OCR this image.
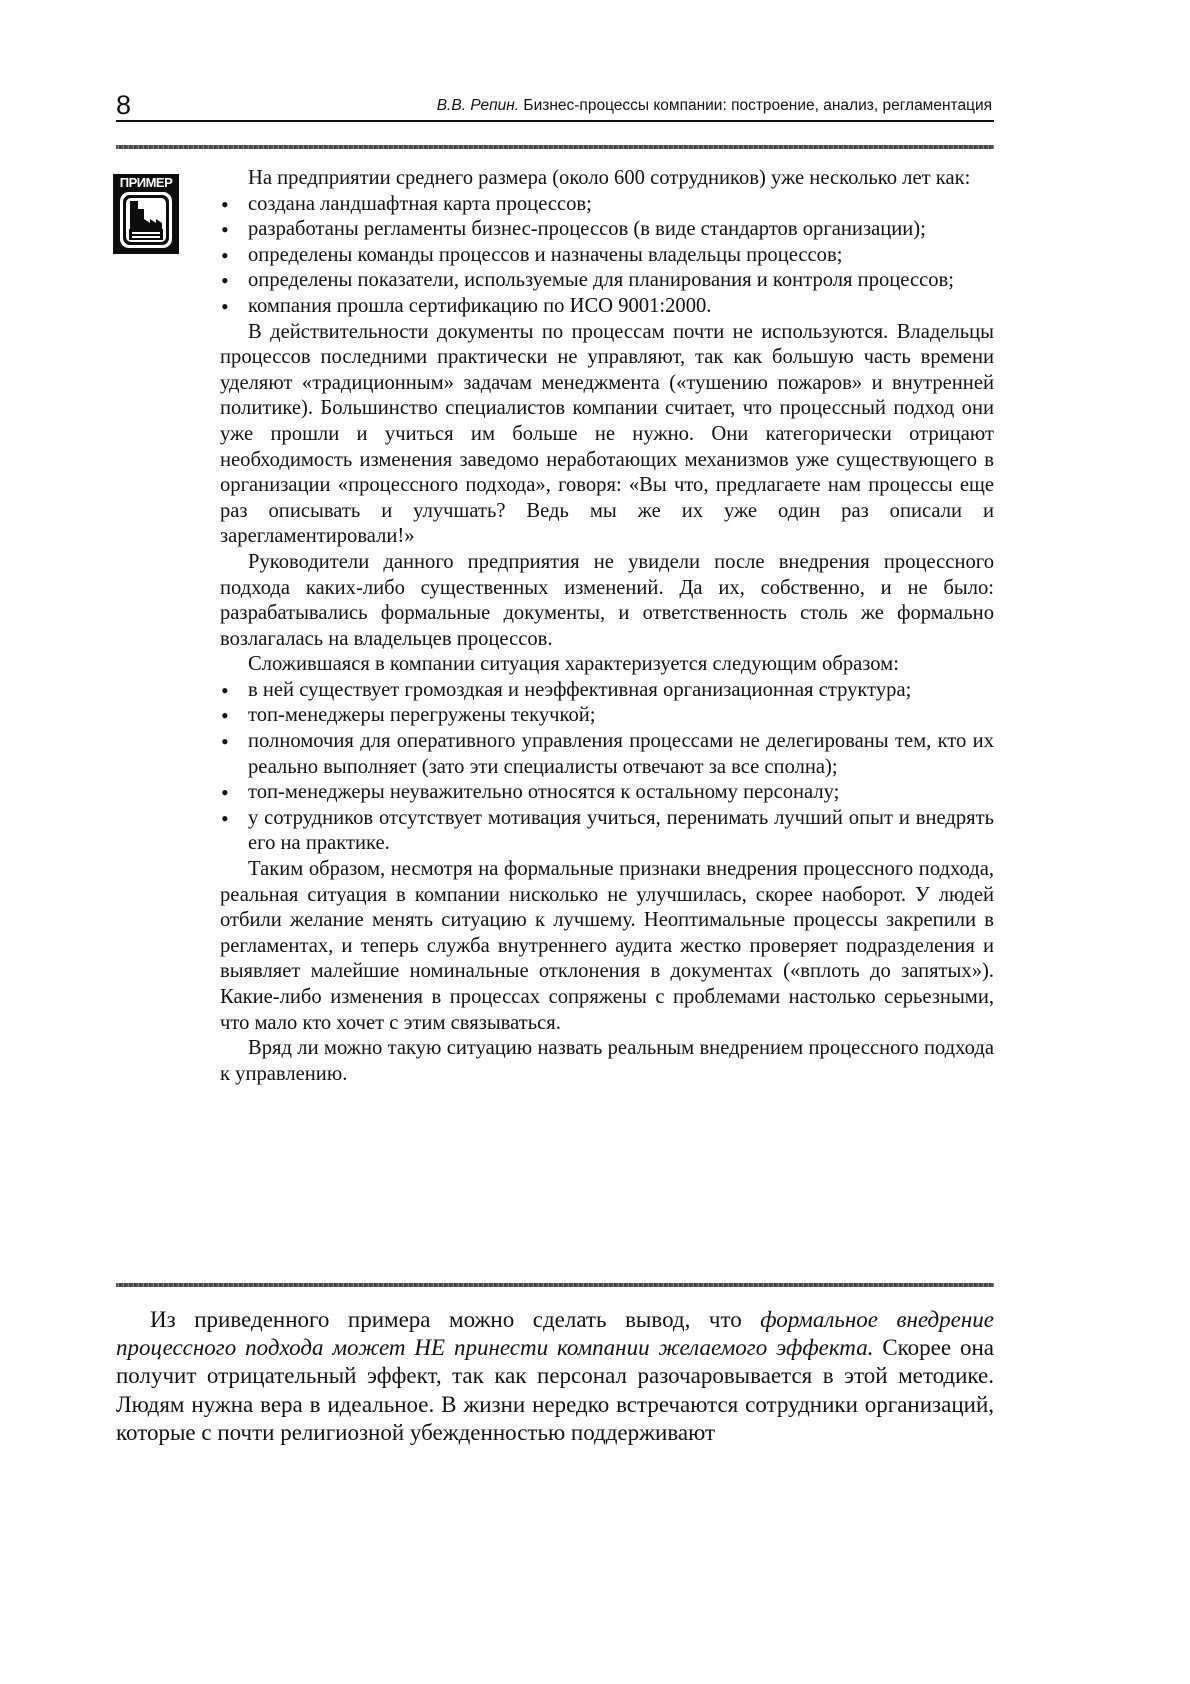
8	В.В. Репин. Бизнес-процессы компании: построение, анализ, регламентация
ПРИМЕР	На предприятии среднего размера (около 600 сотрудников) уже несколько лет как:

• создана ландшафтная карта процессов;
• разработаны регламенты бизнес-процессов (в виде стандартов организации);
• определены команды процессов и назначены владельцы процессов;
• определены показатели, используемые для планирования и контроля процессов;
• компания прошла сертификацию по ИСО 9001:2000.

В действительности документы по процессам почти не используются. Владельцы процессов последними практически не управляют, так как большую часть времени уделяют «традиционным» задачам менеджмента («тушению пожаров» и внутренней политике). Большинство специалистов компании считает, что процессный подход они уже прошли и учиться им больше не нужно. Они категорически отрицают необходимость изменения заведомо неработающих механизмов уже существующего в организации «процессного подхода», говоря: «Вы что, предлагаете нам процессы еще раз описывать и улучшать? Ведь мы же их уже один раз описали и зарегламентировали!»

Руководители данного предприятия не увидели после внедрения процессного подхода каких-либо существенных изменений. Да их, собственно, и не было: разрабатывались формальные документы, и ответственность столь же формально возлагалась на владельцев процессов.

Сложившаяся в компании ситуация характеризуется следующим образом:

• в ней существует громоздкая и неэффективная организационная структура;
• топ-менеджеры перегружены текучкой;
• полномочия для оперативного управления процессами не делегированы тем, кто их реально выполняет (зато эти специалисты отвечают за все сполна);
• топ-менеджеры неуважительно относятся к остальному персоналу;
• у сотрудников отсутствует мотивация учиться, перенимать лучший опыт и внедрять его на практике.

Таким образом, несмотря на формальные признаки внедрения процессного подхода, реальная ситуация в компании нисколько не улучшилась, скорее наоборот. У людей отбили желание менять ситуацию к лучшему. Неоптимальные процессы закрепили в регламентах, и теперь служба внутреннего аудита жестко проверяет подразделения и выявляет малейшие номинальные отклонения в документах («вплоть до запятых»). Какие-либо изменения в процессах сопряжены с проблемами настолько серьезными, что мало кто хочет с этим связываться.

Вряд ли можно такую ситуацию назвать реальным внедрением процессного подхода к управлению.

Из приведенного примера можно сделать вывод, что формальное внедрение процессного подхода может НЕ принести компании желаемого эффекта. Скорее она получит отрицательный эффект, так как персонал разочаровывается в этой методике. Людям нужна вера в идеальное. В жизни нередко встречаются сотрудники организаций, которые с почти религиозной убежденностью поддерживают
